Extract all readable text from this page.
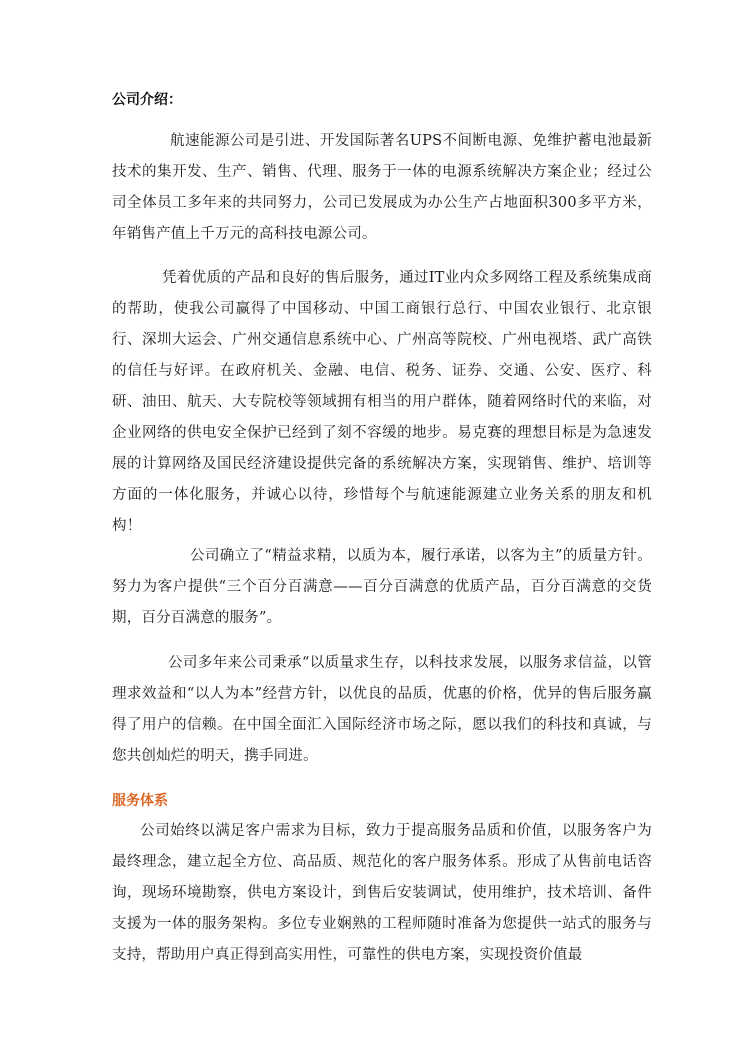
公司介绍：

航速能源公司是引进、开发国际著名UPS不间断电源、免维护蓄电池最新技术的集开发、生产、销售、代理、服务于一体的电源系统解决方案企业；经过公司全体员工多年来的共同努力，公司已发展成为办公生产占地面积300多平方米，年销售产值上千万元的高科技电源公司。

凭着优质的产品和良好的售后服务，通过IT业内众多网络工程及系统集成商的帮助，使我公司赢得了中国移动、中国工商银行总行、中国农业银行、北京银行、深圳大运会、广州交通信息系统中心、广州高等院校、广州电视塔、武广高铁的信任与好评。在政府机关、金融、电信、税务、证券、交通、公安、医疗、科研、油田、航天、大专院校等领域拥有相当的用户群体，随着网络时代的来临，对企业网络的供电安全保护已经到了刻不容缓的地步。易克赛的理想目标是为急速发展的计算网络及国民经济建设提供完备的系统解决方案，实现销售、维护、培训等方面的一体化服务，并诚心以待，珍惜每个与航速能源建立业务关系的朋友和机构！

公司确立了“精益求精，以质为本，履行承诺，以客为主”的质量方针。努力为客户提供“三个百分百满意——百分百满意的优质产品，百分百满意的交货期，百分百满意的服务”。

公司多年来公司秉承“以质量求生存，以科技求发展，以服务求信益，以管理求效益和“以人为本”经营方针，以优良的品质，优惠的价格，优异的售后服务赢得了用户的信赖。在中国全面汇入国际经济市场之际，愿以我们的科技和真诚，与您共创灿烂的明天，携手同进。

服务体系

公司始终以满足客户需求为目标，致力于提高服务品质和价值，以服务客户为最终理念，建立起全方位、高品质、规范化的客户服务体系。形成了从售前电话咨询，现场环境勘察，供电方案设计，到售后安装调试，使用维护，技术培训、备件支援为一体的服务架构。多位专业娴熟的工程师随时准备为您提供一站式的服务与支持，帮助用户真正得到高实用性，可靠性的供电方案，实现投资价值最
